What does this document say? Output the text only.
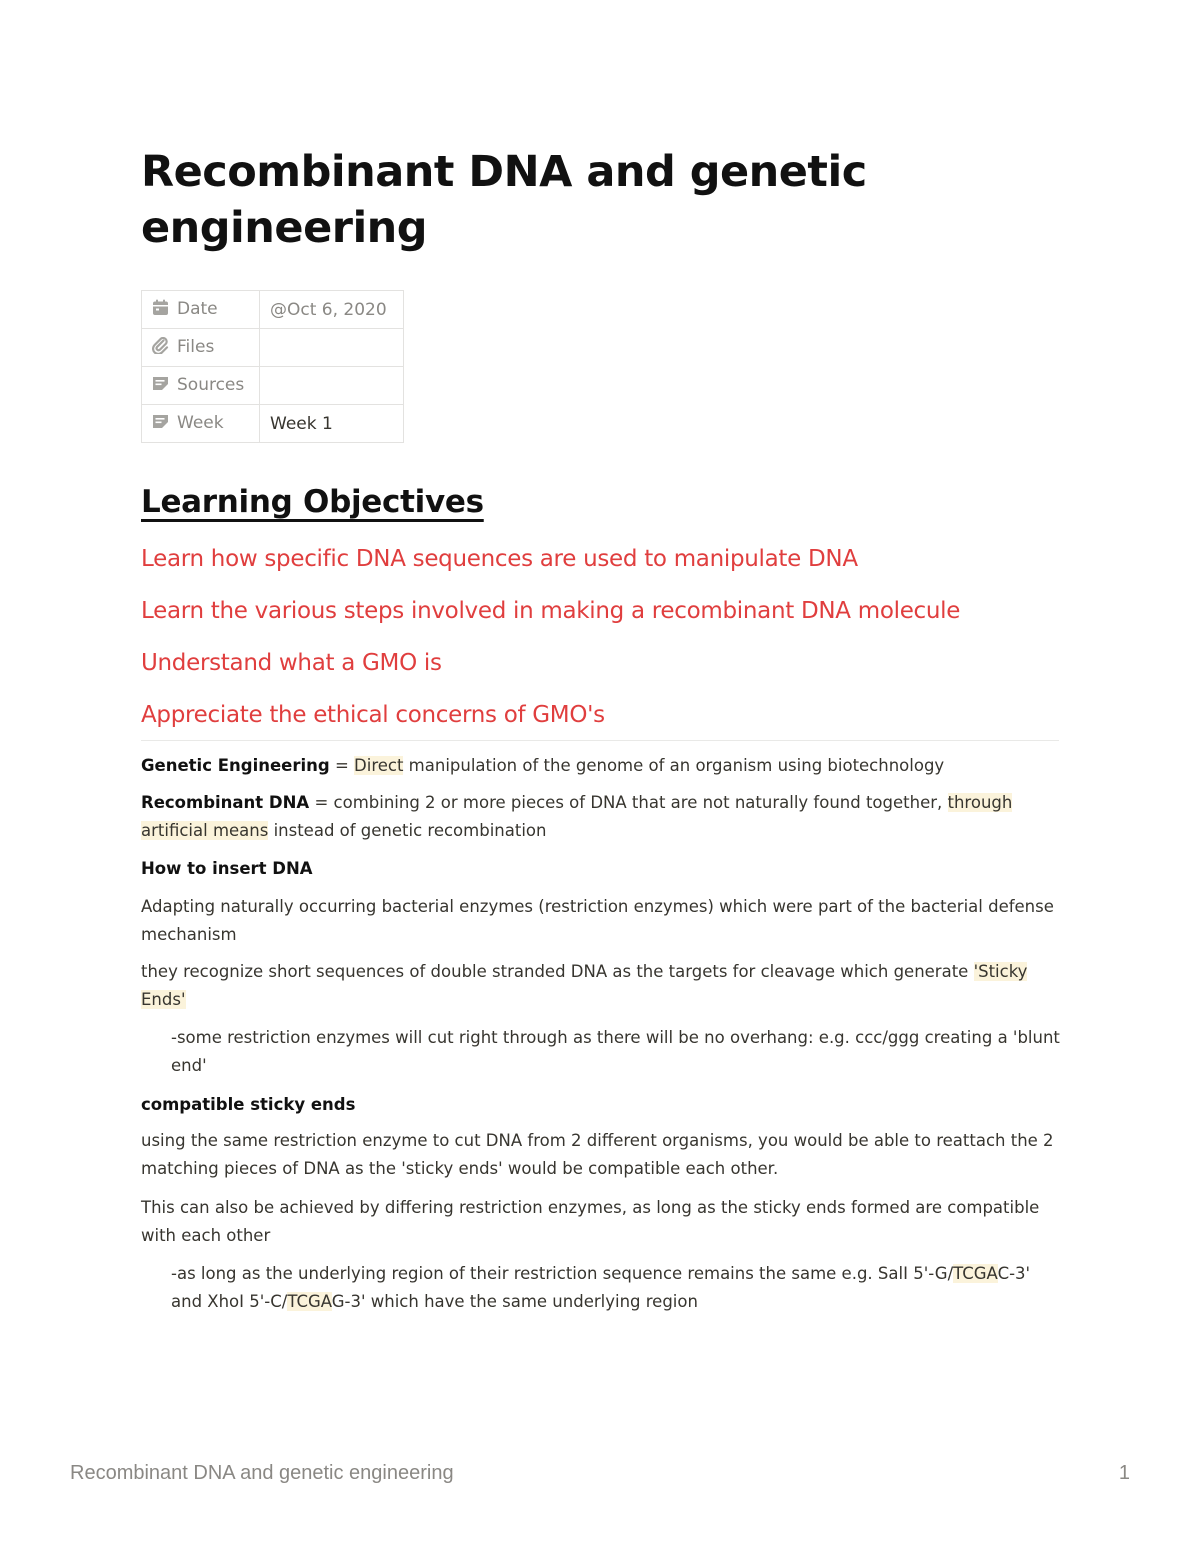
Recombinant DNA and genetic engineering
Date	@Oct 6, 2020
Files	
Sources	
Week	Week 1
Learning Objectives

Learn how specific DNA sequences are used to manipulate DNA

Learn the various steps involved in making a recombinant DNA molecule

Understand what a GMO is

Appreciate the ethical concerns of GMO's

Genetic Engineering = Direct manipulation of the genome of an organism using biotechnology

Recombinant DNA = combining 2 or more pieces of DNA that are not naturally found together, through artificial means instead of genetic recombination

How to insert DNA

Adapting naturally occurring bacterial enzymes (restriction enzymes) which were part of the bacterial defense mechanism

they recognize short sequences of double stranded DNA as the targets for cleavage which generate 'Sticky Ends'

-some restriction enzymes will cut right through as there will be no overhang: e.g. ccc/ggg creating a 'blunt end'

compatible sticky ends

using the same restriction enzyme to cut DNA from 2 different organisms, you would be able to reattach the 2 matching pieces of DNA as the 'sticky ends' would be compatible each other.

This can also be achieved by differing restriction enzymes, as long as the sticky ends formed are compatible with each other

-as long as the underlying region of their restriction sequence remains the same e.g. SalI 5'-G/TCGAC-3' and XhoI 5'-C/TCGAG-3' which have the same underlying region

Recombinant DNA and genetic engineering	1
